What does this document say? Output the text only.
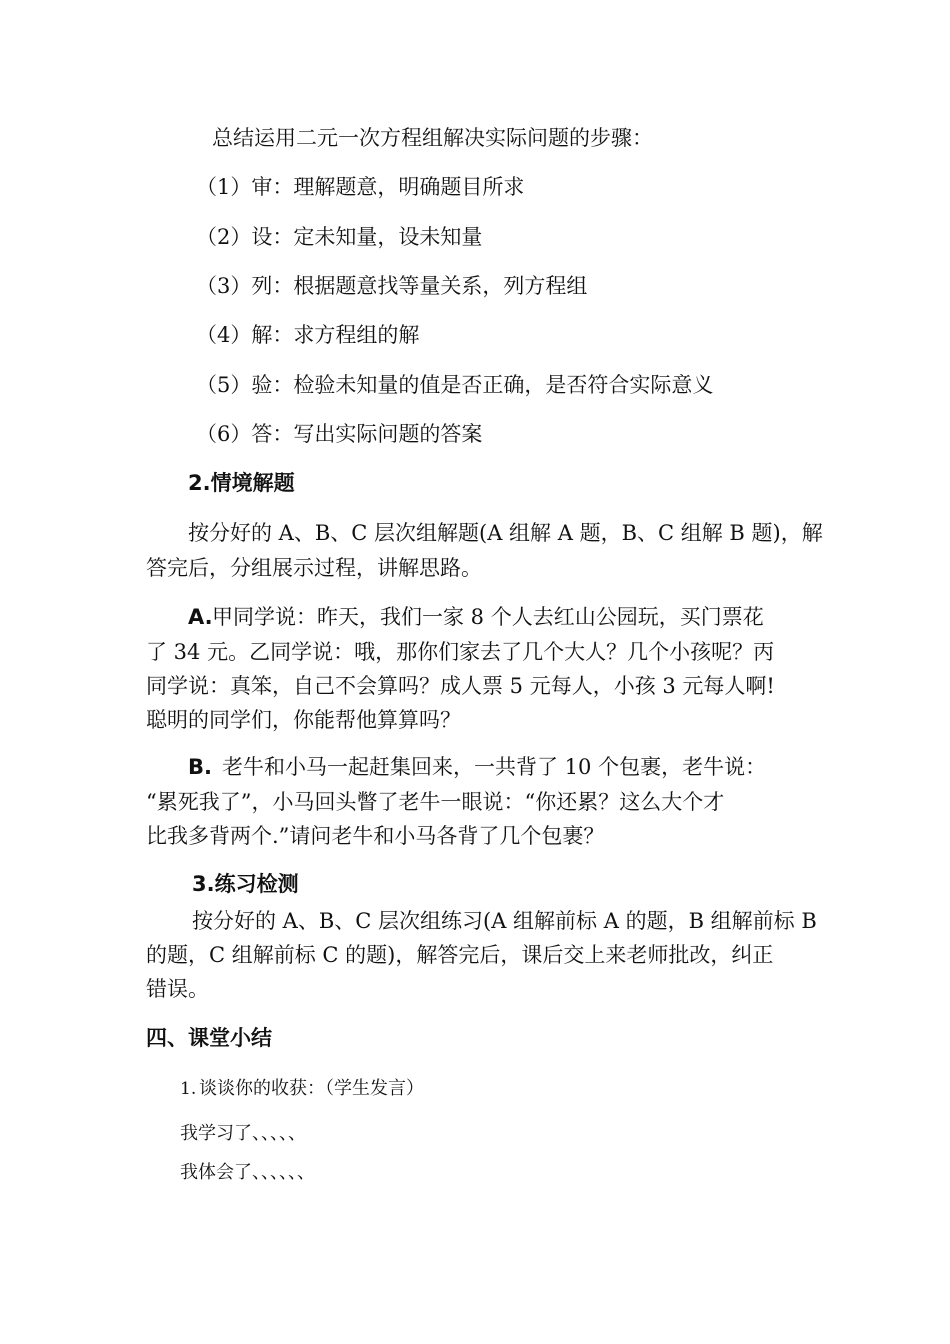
总结运用二元一次方程组解决实际问题的步骤：
（1）审：理解题意，明确题目所求
（2）设：定未知量，设未知量
（3）列：根据题意找等量关系，列方程组
（4）解：求方程组的解
（5）验：检验未知量的值是否正确，是否符合实际意义
（6）答：写出实际问题的答案
2.情境解题
按分好的 A、B、C 层次组解题(A 组解 A 题，B、C 组解 B 题)，解
答完后，分组展示过程，讲解思路。
A. 甲同学说：昨天，我们一家 8 个人去红山公园玩，买门票花
了 34 元。乙同学说：哦，那你们家去了几个大人？几个小孩呢？丙
同学说：真笨，自己不会算吗？成人票 5 元每人，小孩 3 元每人啊!
聪明的同学们，你能帮他算算吗？
B. 老牛和小马一起赶集回来，一共背了 10 个包裹，老牛说：
“累死我了”，小马回头瞥了老牛一眼说：“你还累？这么大个才
比我多背两个.”请问老牛和小马各背了几个包裹？
3.练习检测
按分好的 A、B、C 层次组练习(A 组解前标 A 的题，B 组解前标 B
的题，C 组解前标 C 的题)，解答完后，课后交上来老师批改，纠正
错误。
四、课堂小结
1. 谈谈你的收获：（学生发言）
我学习了、、、、、
我体会了、、、、、、
